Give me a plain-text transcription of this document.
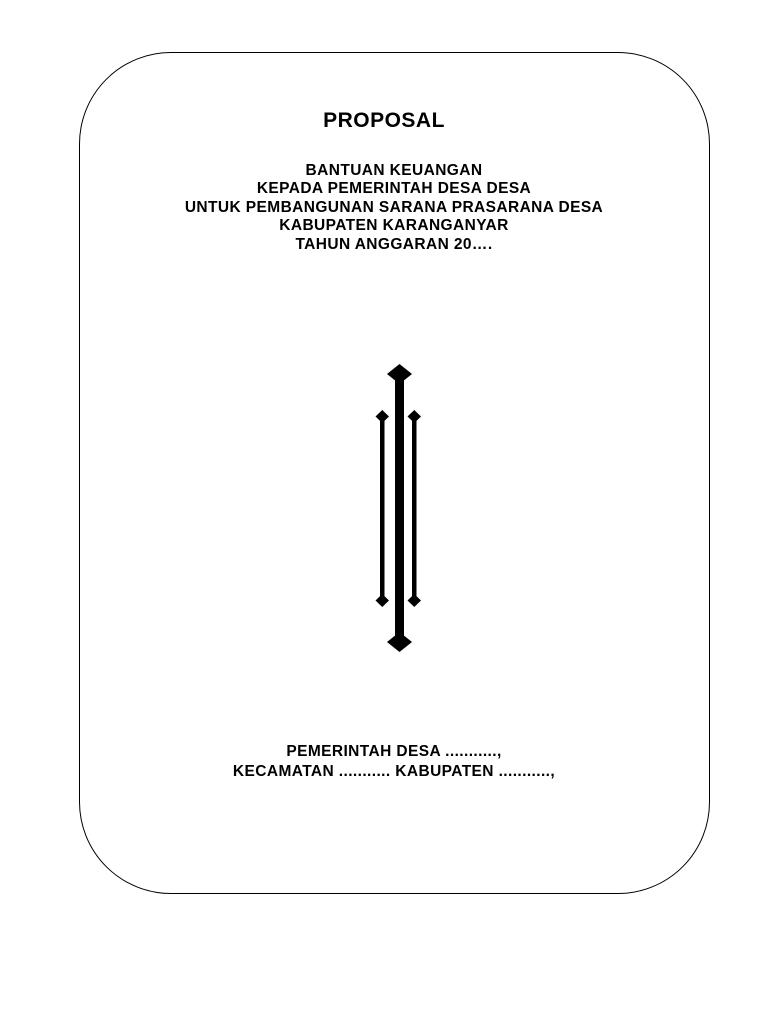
PROPOSAL
BANTUAN KEUANGAN
KEPADA PEMERINTAH DESA DESA
UNTUK PEMBANGUNAN SARANA PRASARANA DESA
KABUPATEN KARANGANYAR
TAHUN ANGGARAN 20….
PEMERINTAH DESA ...........,
KECAMATAN ........... KABUPATEN ...........,
